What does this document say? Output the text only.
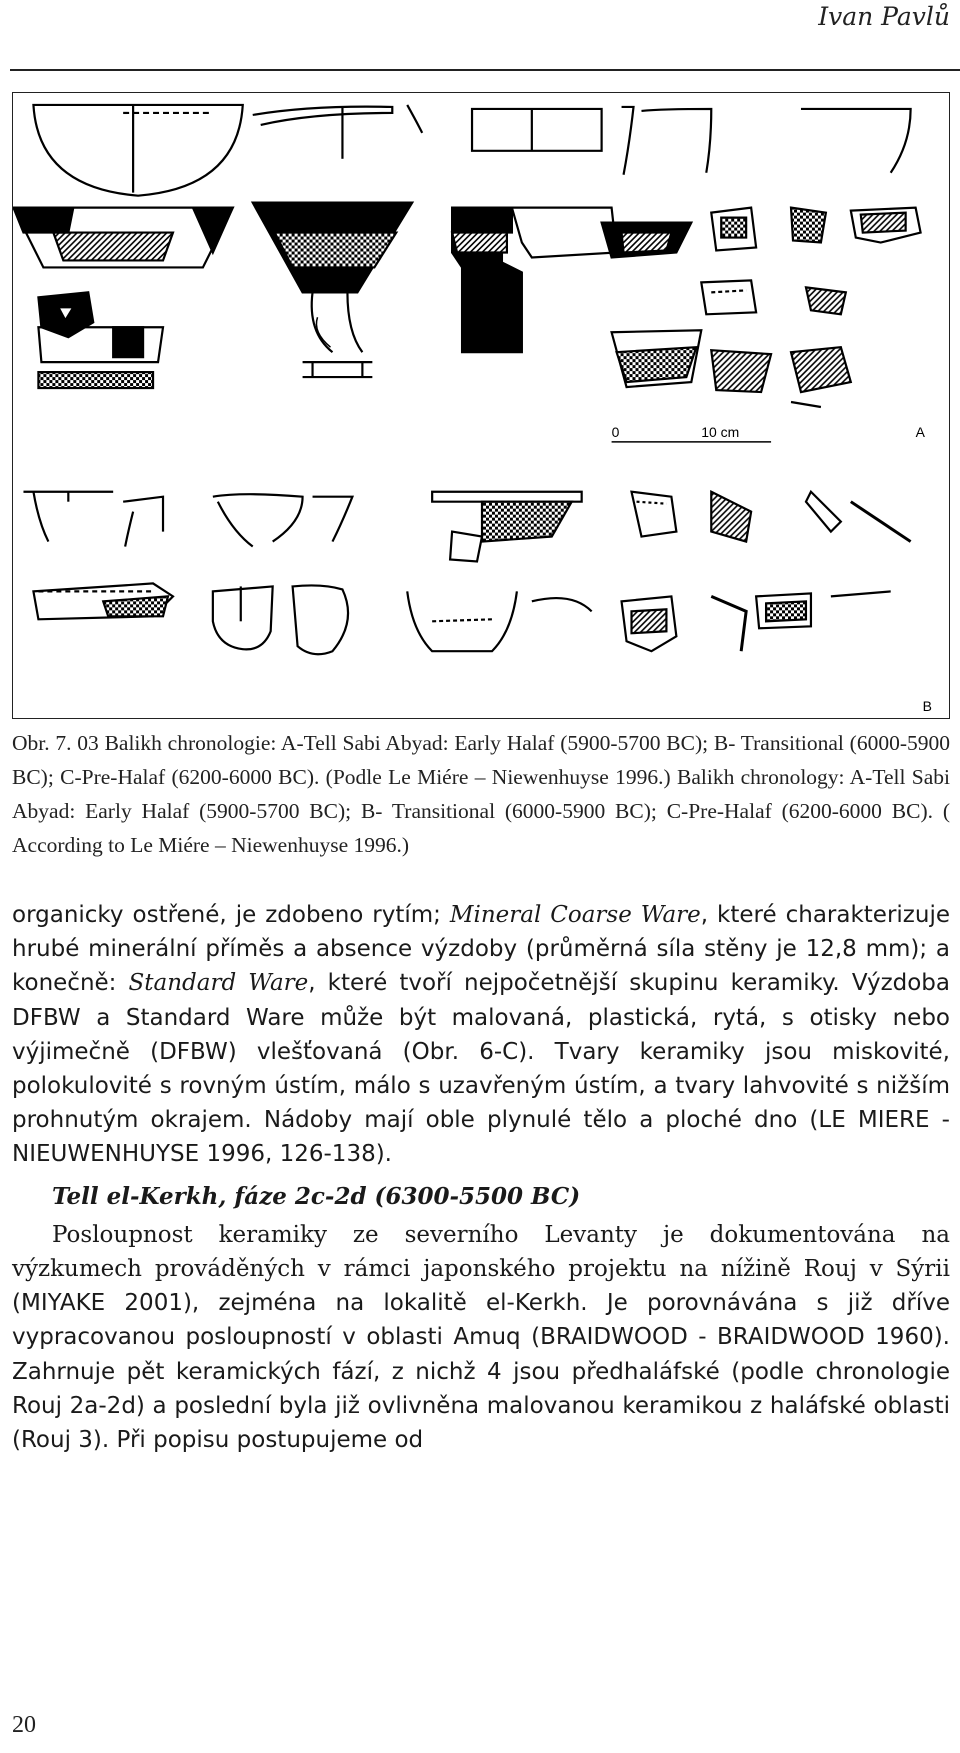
Ivan Pavlů
0	10 cm	A
B
Obr. 7. 03 Balikh chronologie: A-Tell Sabi Abyad: Early Halaf (5900-5700 BC); B- Transitional (6000-5900 BC); C-Pre-Halaf (6200-6000 BC). (Podle Le Miére – Niewenhuyse 1996.) Balikh chronology: A-Tell Sabi Abyad: Early Halaf (5900-5700 BC); B- Transitional (6000-5900 BC); C-Pre-Halaf (6200-6000 BC). ( According to Le Miére – Niewenhuyse 1996.)

organicky ostřené, je zdobeno rytím; Mineral Coarse Ware, které charakterizuje hrubé minerální příměs a absence výzdoby (průměrná síla stěny je 12,8 mm); a konečně: Standard Ware, které tvoří nejpočetnější skupinu keramiky. Výzdoba DFBW a Standard Ware může být malovaná, plastická, rytá, s otisky nebo výjimečně (DFBW) vlešťovaná (Obr. 6-C). Tvary keramiky jsou miskovité, polokulovité s rovným ústím, málo s uzavřeným ústím, a tvary lahvovité s nižším prohnutým okrajem. Nádoby mají oble plynulé tělo a ploché dno (LE MIERE - NIEUWENHUYSE 1996, 126-138).

Tell el-Kerkh, fáze 2c-2d (6300-5500 BC)

Posloupnost keramiky ze severního Levanty je dokumentována na výzkumech prováděných v rámci japonského projektu na nížině Rouj v Sýrii (MIYAKE 2001), zejména na lokalitě el-Kerkh. Je porovnávána s již dříve vypracovanou posloupností v oblasti Amuq (BRAIDWOOD - BRAIDWOOD 1960). Zahrnuje pět keramických fází, z nichž 4 jsou předhaláfské (podle chronologie Rouj 2a-2d) a poslední byla již ovlivněna malovanou keramikou z haláfské oblasti (Rouj 3). Při popisu postupujeme od

20
